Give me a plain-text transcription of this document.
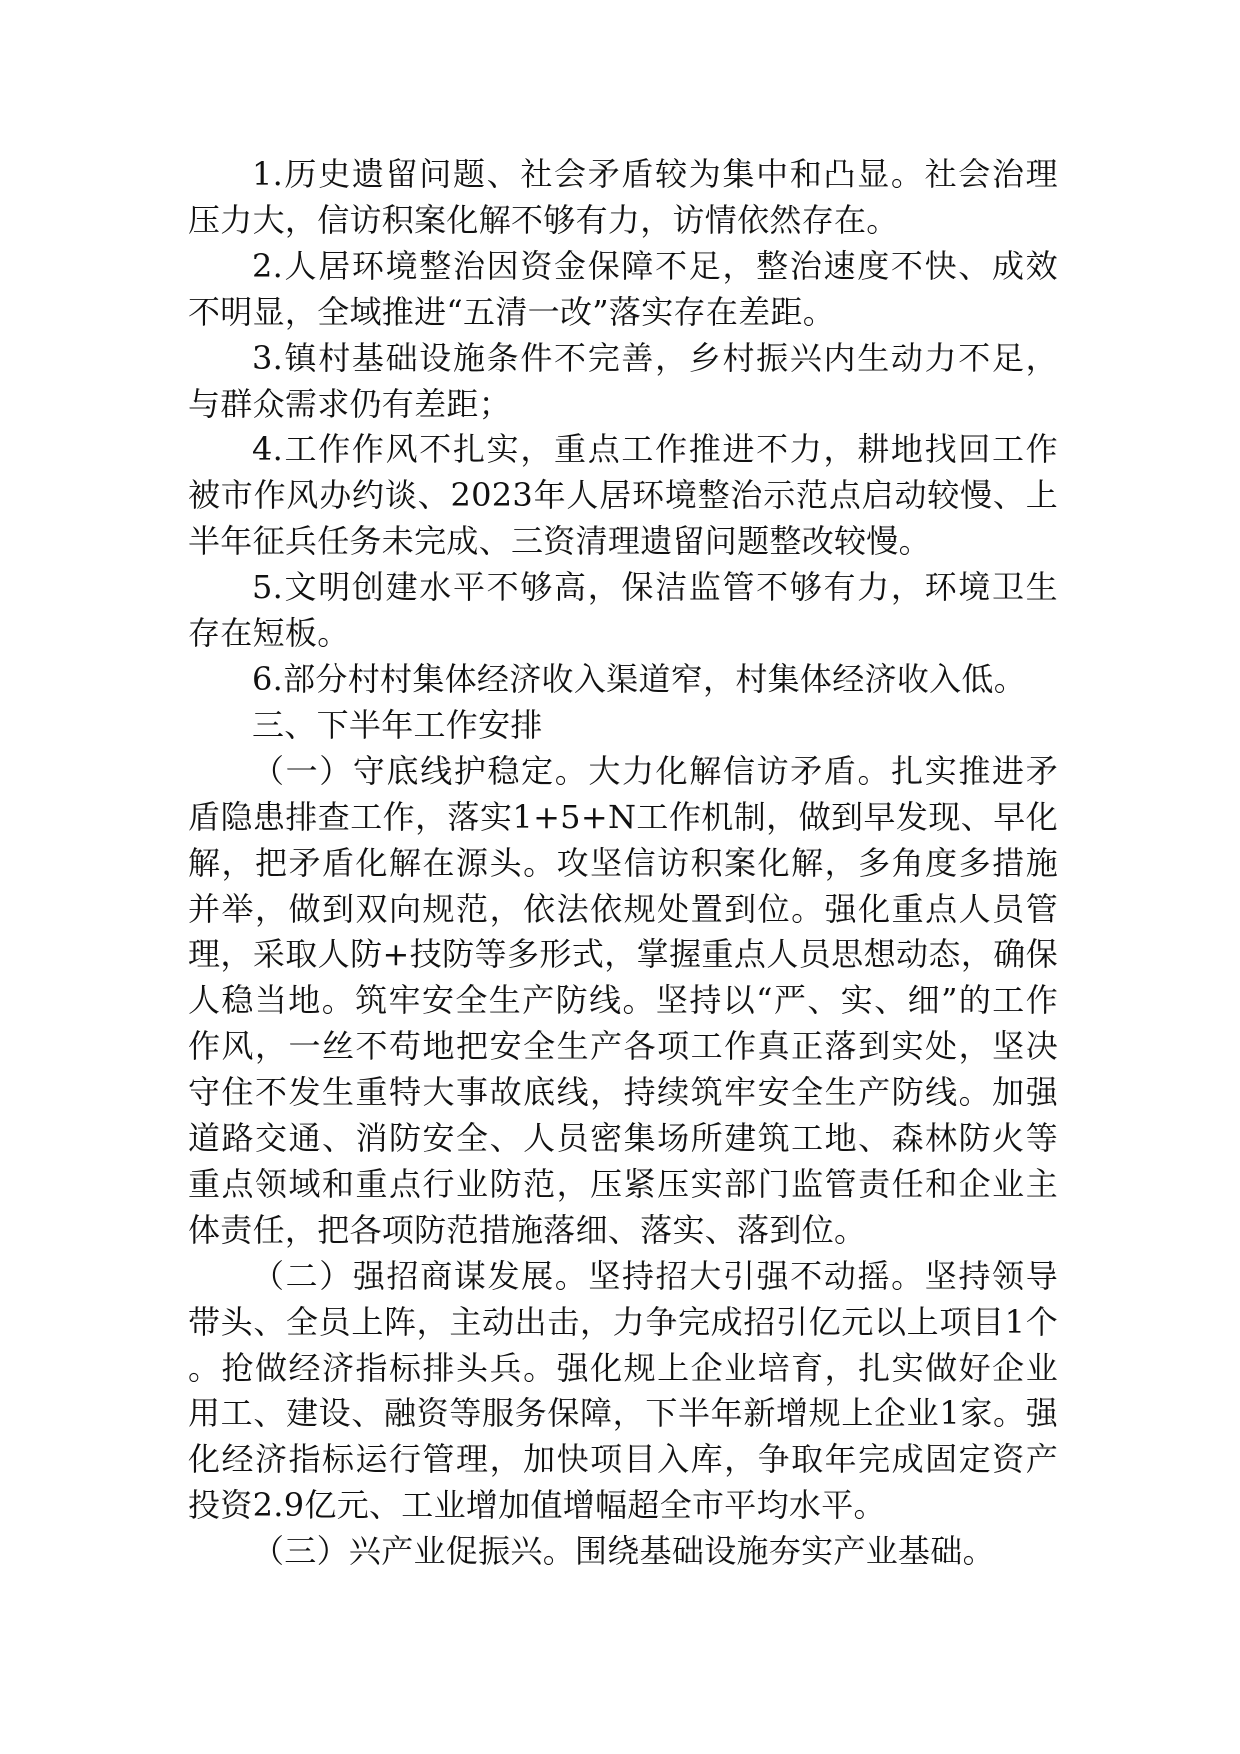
1.历史遗留问题、社会矛盾较为集中和凸显。社会治理压力大，信访积案化解不够有力，访情依然存在。

2.人居环境整治因资金保障不足，整治速度不快、成效不明显，全域推进“五清一改”落实存在差距。

3.镇村基础设施条件不完善，乡村振兴内生动力不足，与群众需求仍有差距；

4.工作作风不扎实，重点工作推进不力，耕地找回工作被市作风办约谈、2023年人居环境整治示范点启动较慢、上半年征兵任务未完成、三资清理遗留问题整改较慢。

5.文明创建水平不够高，保洁监管不够有力，环境卫生存在短板。

6.部分村村集体经济收入渠道窄，村集体经济收入低。

三、下半年工作安排

（一）守底线护稳定。大力化解信访矛盾。扎实推进矛盾隐患排查工作，落实1+5+N工作机制，做到早发现、早化解，把矛盾化解在源头。攻坚信访积案化解，多角度多措施并举，做到双向规范，依法依规处置到位。强化重点人员管理，采取人防+技防等多形式，掌握重点人员思想动态，确保人稳当地。筑牢安全生产防线。坚持以“严、实、细”的工作作风，一丝不苟地把安全生产各项工作真正落到实处，坚决守住不发生重特大事故底线，持续筑牢安全生产防线。加强道路交通、消防安全、人员密集场所建筑工地、森林防火等重点领域和重点行业防范，压紧压实部门监管责任和企业主体责任，把各项防范措施落细、落实、落到位。

（二）强招商谋发展。坚持招大引强不动摇。坚持领导带头、全员上阵，主动出击，力争完成招引亿元以上项目1个。抢做经济指标排头兵。强化规上企业培育，扎实做好企业用工、建设、融资等服务保障，下半年新增规上企业1家。强化经济指标运行管理，加快项目入库，争取年完成固定资产投资2.9亿元、工业增加值增幅超全市平均水平。

（三）兴产业促振兴。围绕基础设施夯实产业基础。
